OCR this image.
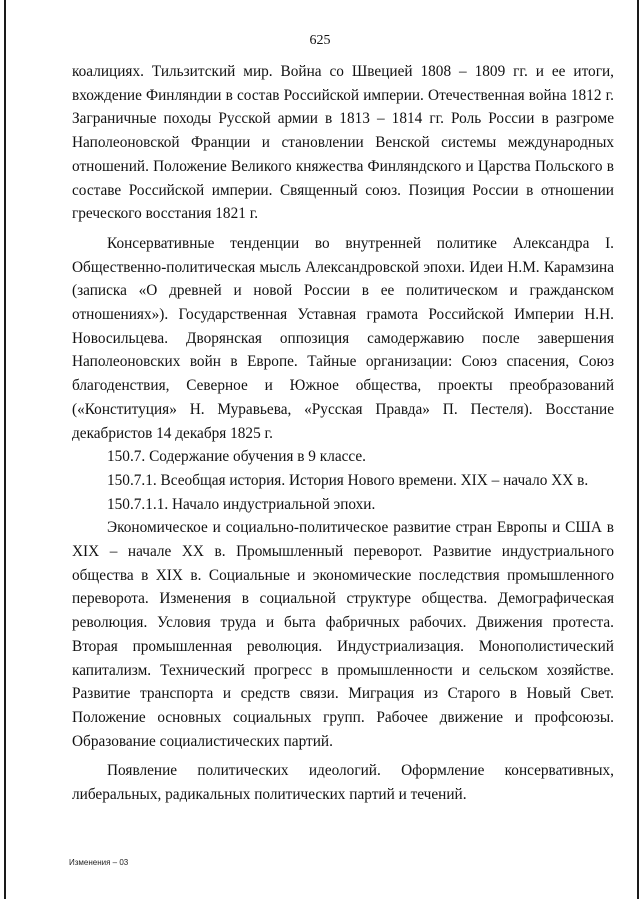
625

коалициях. Тильзитский мир. Война со Швецией 1808 – 1809 гг. и ее итоги, вхождение Финляндии в состав Российской империи. Отечественная война 1812 г. Заграничные походы Русской армии в 1813 – 1814 гг. Роль России в разгроме Наполеоновской Франции и становлении Венской системы международных отношений. Положение Великого княжества Финляндского и Царства Польского в составе Российской империи. Священный союз. Позиция России в отношении греческого восстания 1821 г.

Консервативные тенденции во внутренней политике Александра I. Общественно-политическая мысль Александровской эпохи. Идеи Н.М. Карамзина (записка «О древней и новой России в ее политическом и гражданском отношениях»). Государственная Уставная грамота Российской Империи Н.Н. Новосильцева. Дворянская оппозиция самодержавию после завершения Наполеоновских войн в Европе. Тайные организации: Союз спасения, Союз благоденствия, Северное и Южное общества, проекты преобразований («Конституция» Н. Муравьева, «Русская Правда» П. Пестеля). Восстание декабристов 14 декабря 1825 г.

150.7. Содержание обучения в 9 классе.

150.7.1. Всеобщая история. История Нового времени. XIX – начало XX в.

150.7.1.1. Начало индустриальной эпохи.

Экономическое и социально-политическое развитие стран Европы и США в XIX – начале XX в. Промышленный переворот. Развитие индустриального общества в XIX в. Социальные и экономические последствия промышленного переворота. Изменения в социальной структуре общества. Демографическая революция. Условия труда и быта фабричных рабочих. Движения протеста. Вторая промышленная революция. Индустриализация. Монополистический капитализм. Технический прогресс в промышленности и сельском хозяйстве. Развитие транспорта и средств связи. Миграция из Старого в Новый Свет. Положение основных социальных групп. Рабочее движение и профсоюзы. Образование социалистических партий.

Появление политических идеологий. Оформление консервативных, либеральных, радикальных политических партий и течений.

Изменения – 03
